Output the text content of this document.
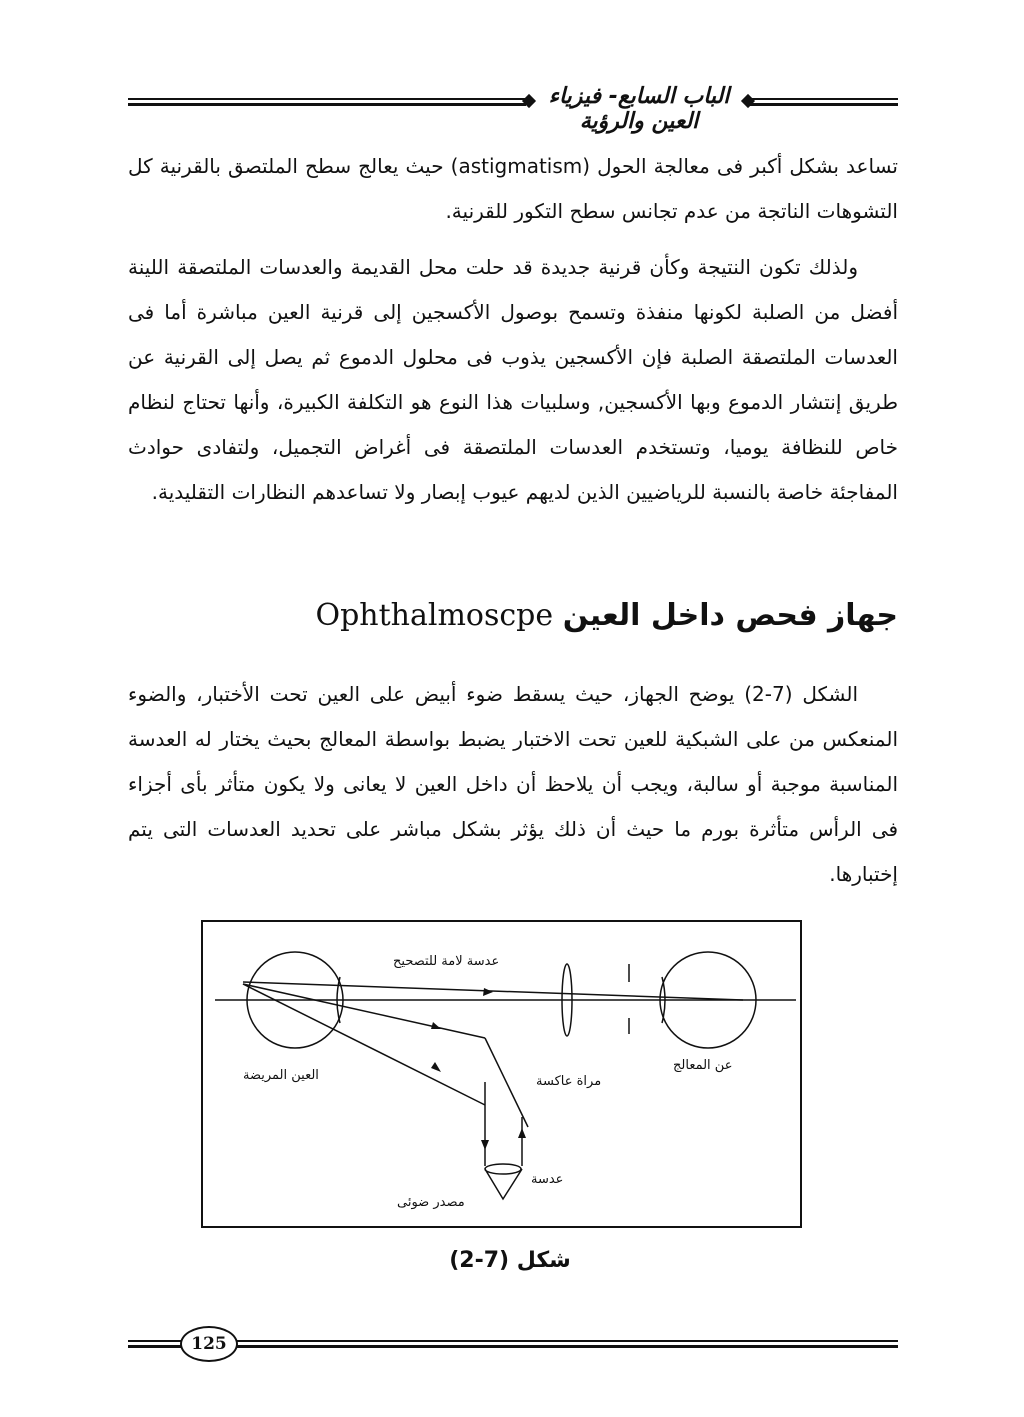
الباب السابع- فيزياء العين والرؤية
تساعد بشكل أكبر فى معالجة الحول (astigmatism) حيث يعالج سطح الملتصق بالقرنية كل التشوهات الناتجة من عدم تجانس سطح التكور للقرنية.
ولذلك تكون النتيجة وكأن قرنية جديدة قد حلت محل القديمة والعدسات الملتصقة اللينة أفضل من الصلبة لكونها منفذة وتسمح بوصول الأكسجين إلى قرنية العين مباشرة أما فى العدسات الملتصقة الصلبة فإن الأكسجين يذوب فى محلول الدموع ثم يصل إلى القرنية عن طريق إنتشار الدموع وبها الأكسجين, وسلبيات هذا النوع هو التكلفة الكبيرة، وأنها تحتاج لنظام خاص للنظافة يوميا، وتستخدم العدسات الملتصقة فى أغراض التجميل، ولتفادى حوادث المفاجئة خاصة بالنسبة للرياضيين الذين لديهم عيوب إبصار ولا تساعدهم النظارات التقليدية.
جهاز فحص داخل العين Ophthalmoscpe
الشكل (7-2) يوضح الجهاز، حيث يسقط ضوء أبيض على العين تحت الأختبار، والضوء المنعكس من على الشبكية للعين تحت الاختبار يضبط بواسطة المعالج بحيث يختار له العدسة المناسبة موجبة أو سالبة، ويجب أن يلاحظ أن داخل العين لا يعانى ولا يكون متأثر بأى أجزاء فى الرأس متأثرة بورم ما حيث أن ذلك يؤثر بشكل مباشر على تحديد العدسات التى يتم إختبارها.
عدسة لامة للتصحيح
العين المريضة
عن المعالج
مراة عاكسة
عدسة
مصدر ضوئى
شكل (7-2)
125
